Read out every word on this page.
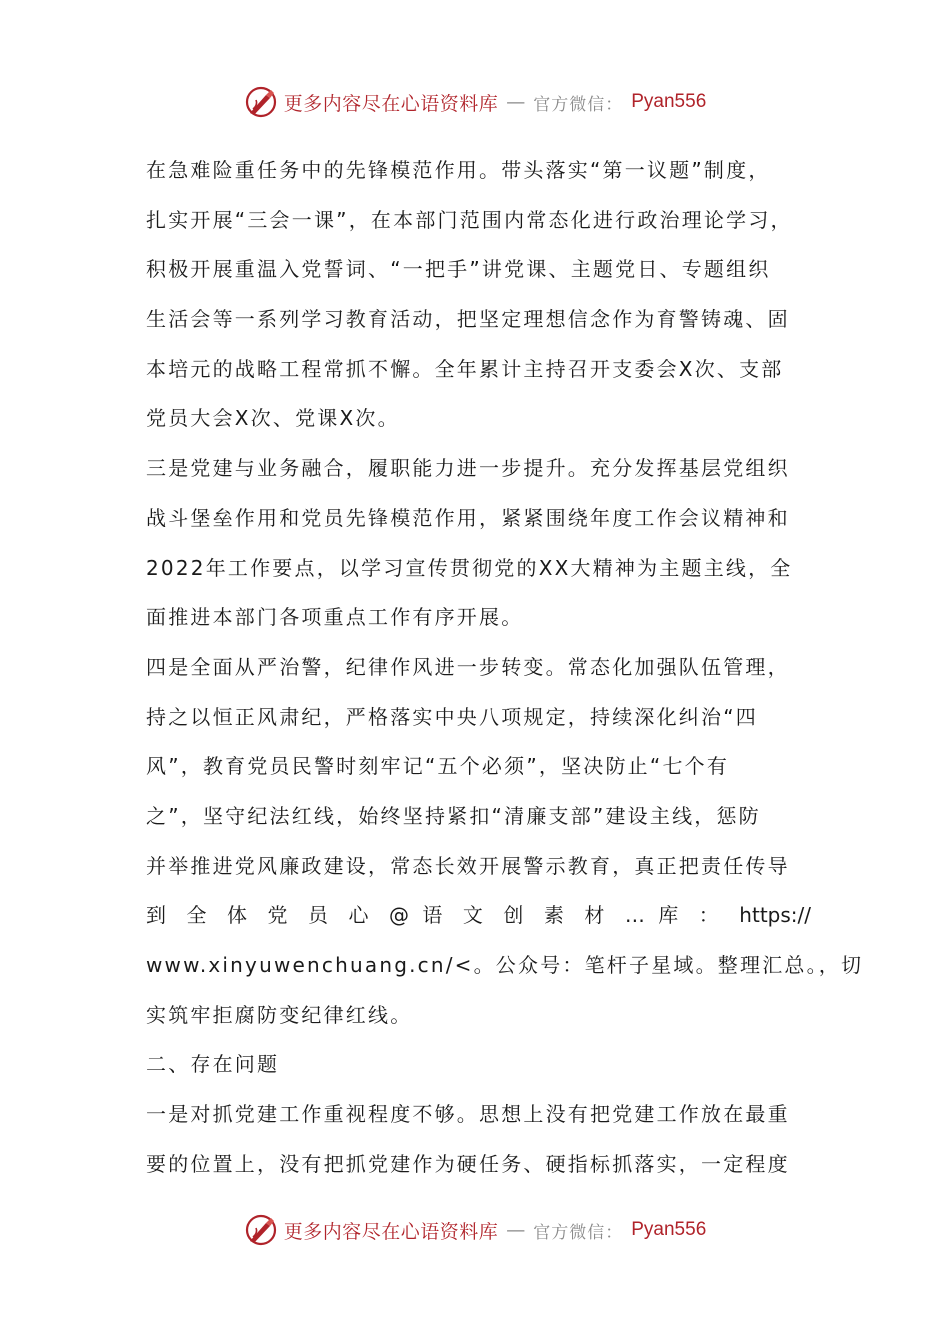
更多内容尽在心语资料库 — 官方微信： Pyan556
在急难险重任务中的先锋模范作用。带头落实“第一议题”制度，
扎实开展“三会一课”，在本部门范围内常态化进行政治理论学习，
积极开展重温入党誓词、“一把手”讲党课、主题党日、专题组织
生活会等一系列学习教育活动，把坚定理想信念作为育警铸魂、固
本培元的战略工程常抓不懈。全年累计主持召开支委会X次、支部
党员大会X次、党课X次。
三是党建与业务融合，履职能力进一步提升。充分发挥基层党组织
战斗堡垒作用和党员先锋模范作用，紧紧围绕年度工作会议精神和
2022年工作要点，以学习宣传贯彻党的XX大精神为主题主线，全
面推进本部门各项重点工作有序开展。
四是全面从严治警，纪律作风进一步转变。常态化加强队伍管理，
持之以恒正风肃纪，严格落实中央八项规定，持续深化纠治“四
风”，教育党员民警时刻牢记“五个必须”，坚决防止“七个有
之”，坚守纪法红线，始终坚持紧扣“清廉支部”建设主线，惩防
并举推进党风廉政建设，常态长效开展警示教育，真正把责任传导
到 全 体 党 员 心 @ 语 文 创 素 材 … 库 ： https://
www.xinyuwenchuang.cn/<。公众号：笔杆子星域。整理汇总。，切
实筑牢拒腐防变纪律红线。
二、存在问题
一是对抓党建工作重视程度不够。思想上没有把党建工作放在最重
要的位置上，没有把抓党建作为硬任务、硬指标抓落实，一定程度
更多内容尽在心语资料库 — 官方微信： Pyan556
